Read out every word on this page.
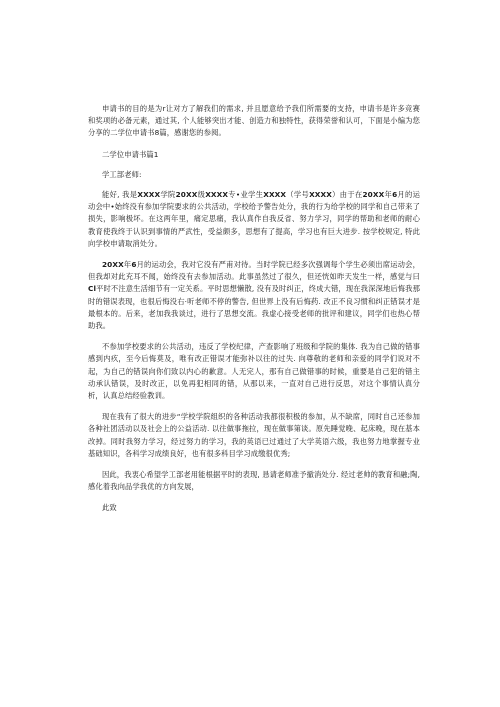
申请书的目的是为r让对方了解我们的需求, 并且愿意给予我们所需要的支持，申请书是许多竞赛和奖项的必备元素，通过其, 个人能够突出才能、创造力和独特性，获得荣誉和认可，下面是小编为您分享的二学位申请书8篇，感谢您的参阅。

二学位申请书篇1

学工部老师:

能好, 我是XXXX学院20XX级XXXX专•业学生XXXX（学号XXXX）由于在20XX年6月的运动会中•始终没有参加学院要求的公共活动，学校给予警告处分，我的行为给学校的同学和自己带来了损失，影响极坏。在这两年里，痛定思痛，我认真作自我反省、努力学习，同学的帮助和老师的耐心教育使我终于认识到事情的严武性，受益颇多，思想有了提高，学习也有巨大进步. 按学校规定, 特此向学校申请取消处分。

20XX年6月的运动会，我对它没有严甫对待。当时学院已经多次强调每个学生必须出席运动会，但我却对此充耳不闻，始终没有去参加活动。此事虽然过了很久，但还恍如昨天发生一样，感觉与曰Cl平时不注意生活细节有一定关系。平时思想懒散, 没有及时纠正，终成大错，现在我深深地后悔我那时的错误表现，也很后悔没右·听老师不停的警告, 但世界上没有后悔药. 改正不良习惯和纠正错误才是最根本的。后来，老加我我谈过，进行了思想交流。我虚心接受老师的批评和建议，同学们也热心帮助我。

不参加学校要求的公共活动，违反了学校纪律，产查影响了班级和学院的集体. 我为自己做的错事感到内疚，至今后悔莫及，唯有改正错误才能弥补以往的过失. 向尊敬的老师和亲爱的同学们说对不起，为自己的错误向你们致以内心的歉意。人无完人，那有自己做错事的时候，重要是自己犯的错主动承认错误，及时改正，以免再犯相同的错，从那以来，一直对自己进行反思，对这个事情认真分析，认真总结经验教训。

现在我有了很大的进步“学校学院组织的各种活动我都很积极的参加，从不缺席，同时自己还参加各种社团活动以及社会上的公益活动. 以往做事拖拉，现在做事第谈。原先睡觉晚、起床晚，现在基本改掉。同时我努力学习，经过努力的学习，我的英语已过通过了大学英语六级，我也努力地掌握专业基础知识，各科学习成绩良好，也有很多科目学习成缴很优秀;

因此，我衷心希望学工部老用能根据平时的表现, 恳请老师准予撤消处分. 经过老帅的教育和融;陶, 感化着我向品学我优的方向发展，

此致
